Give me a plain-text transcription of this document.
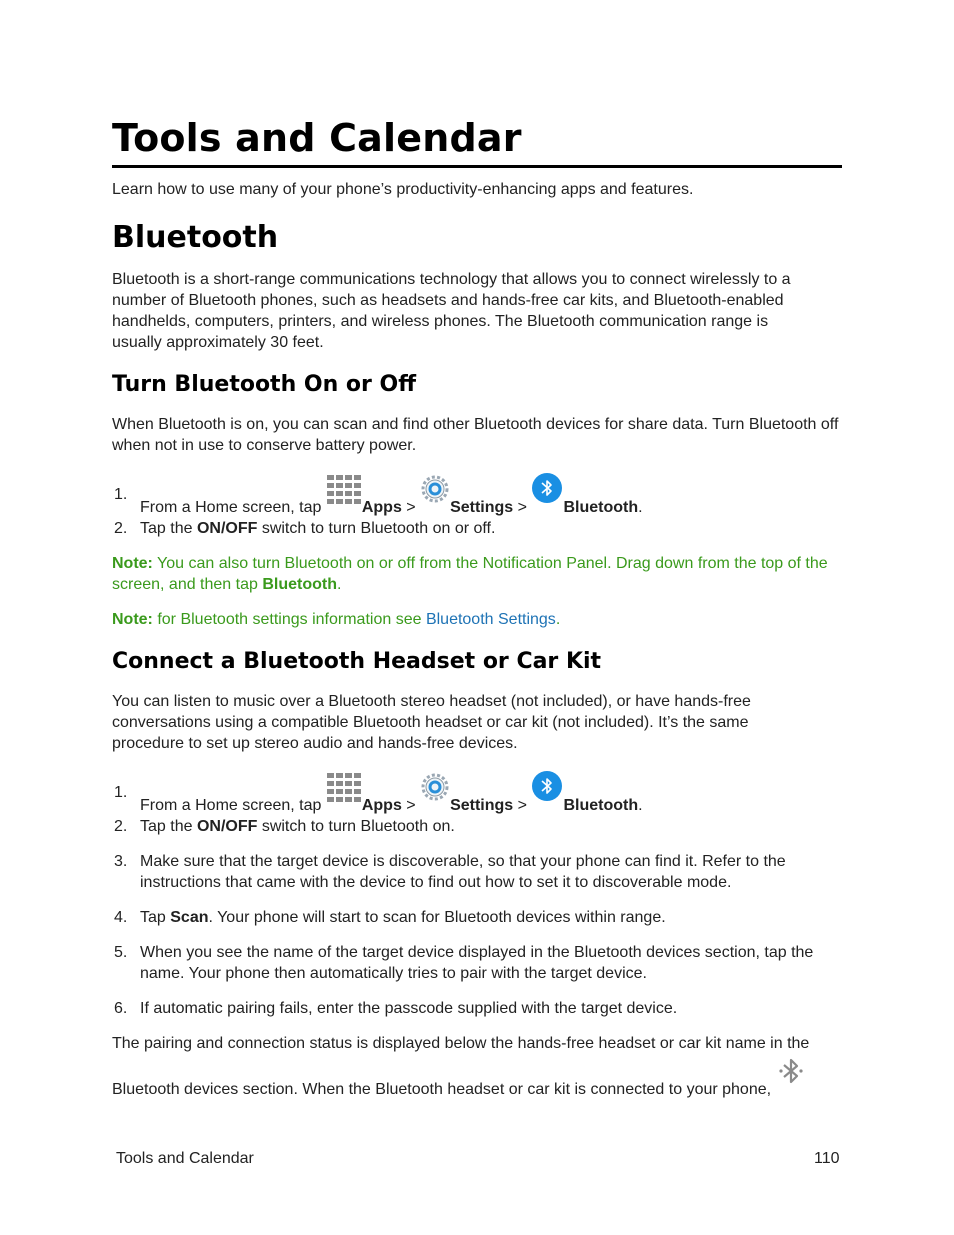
Tools and Calendar

Learn how to use many of your phone’s productivity-enhancing apps and features.

Bluetooth

Bluetooth is a short-range communications technology that allows you to connect wirelessly to a number of Bluetooth phones, such as headsets and hands-free car kits, and Bluetooth-enabled handhelds, computers, printers, and wireless phones. The Bluetooth communication range is usually approximately 30 feet.

Turn Bluetooth On or Off

When Bluetooth is on, you can scan and find other Bluetooth devices for share data. Turn Bluetooth off when not in use to conserve battery power.

1.
From a Home screen, tap Apps > Settings > Bluetooth.
2. Tap the ON/OFF switch to turn Bluetooth on or off.
Note: You can also turn Bluetooth on or off from the Notification Panel. Drag down from the top of the screen, and then tap Bluetooth.
Note: for Bluetooth settings information see Bluetooth Settings.
Connect a Bluetooth Headset or Car Kit

You can listen to music over a Bluetooth stereo headset (not included), or have hands-free conversations using a compatible Bluetooth headset or car kit (not included). It’s the same procedure to set up stereo audio and hands-free devices.

1.
From a Home screen, tap Apps > Settings > Bluetooth.
2. Tap the ON/OFF switch to turn Bluetooth on.
3. Make sure that the target device is discoverable, so that your phone can find it. Refer to the instructions that came with the device to find out how to set it to discoverable mode.
4. Tap Scan. Your phone will start to scan for Bluetooth devices within range.
5. When you see the name of the target device displayed in the Bluetooth devices section, tap the name. Your phone then automatically tries to pair with the target device.
6. If automatic pairing fails, enter the passcode supplied with the target device.

The pairing and connection status is displayed below the hands-free headset or car kit name in the

Bluetooth devices section. When the Bluetooth headset or car kit is connected to your phone,
Tools and Calendar	110
